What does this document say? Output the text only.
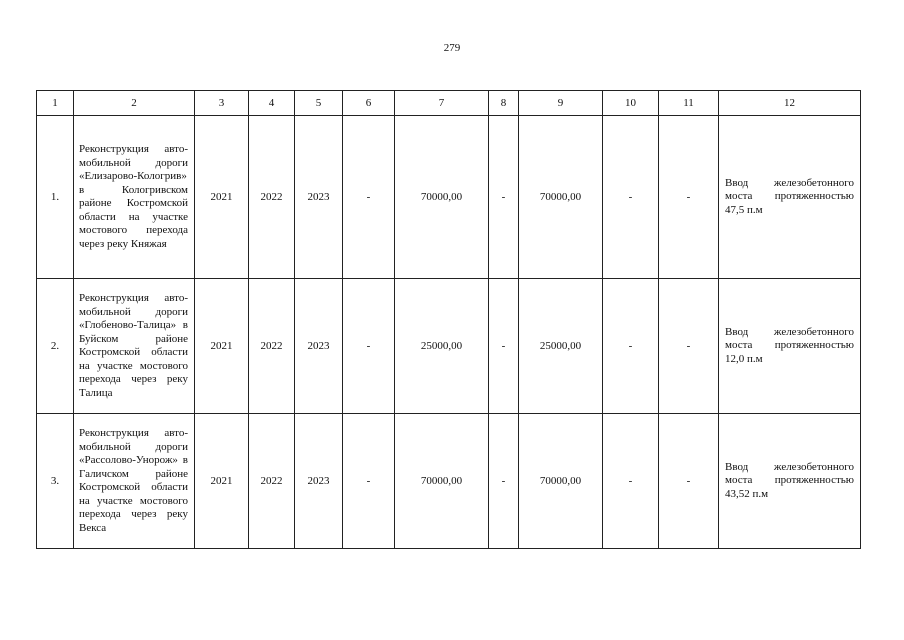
279
1	2	3	4	5	6	7	8	9	10	11	12
1.	Реконструкция авто-мобильной дороги «Елизарово-Кологрив» в Кологривском районе Костромской области на участке мостового перехода через реку Княжая	2021	2022	2023	-	70000,00	-	70000,00	-	-	Ввод железобетонного моста протяженностью 47,5 п.м
2.	Реконструкция авто-мобильной дороги «Глобеново-Талица» в Буйском районе Костромской области на участке мостового перехода через реку Талица	2021	2022	2023	-	25000,00	-	25000,00	-	-	Ввод железобетонного моста протяженностью 12,0 п.м
3.	Реконструкция авто-мобильной дороги «Рассолово-Унорож» в Галичском районе Костромской области на участке мостового перехода через реку Векса	2021	2022	2023	-	70000,00	-	70000,00	-	-	Ввод железобетонного моста протяженностью 43,52 п.м
